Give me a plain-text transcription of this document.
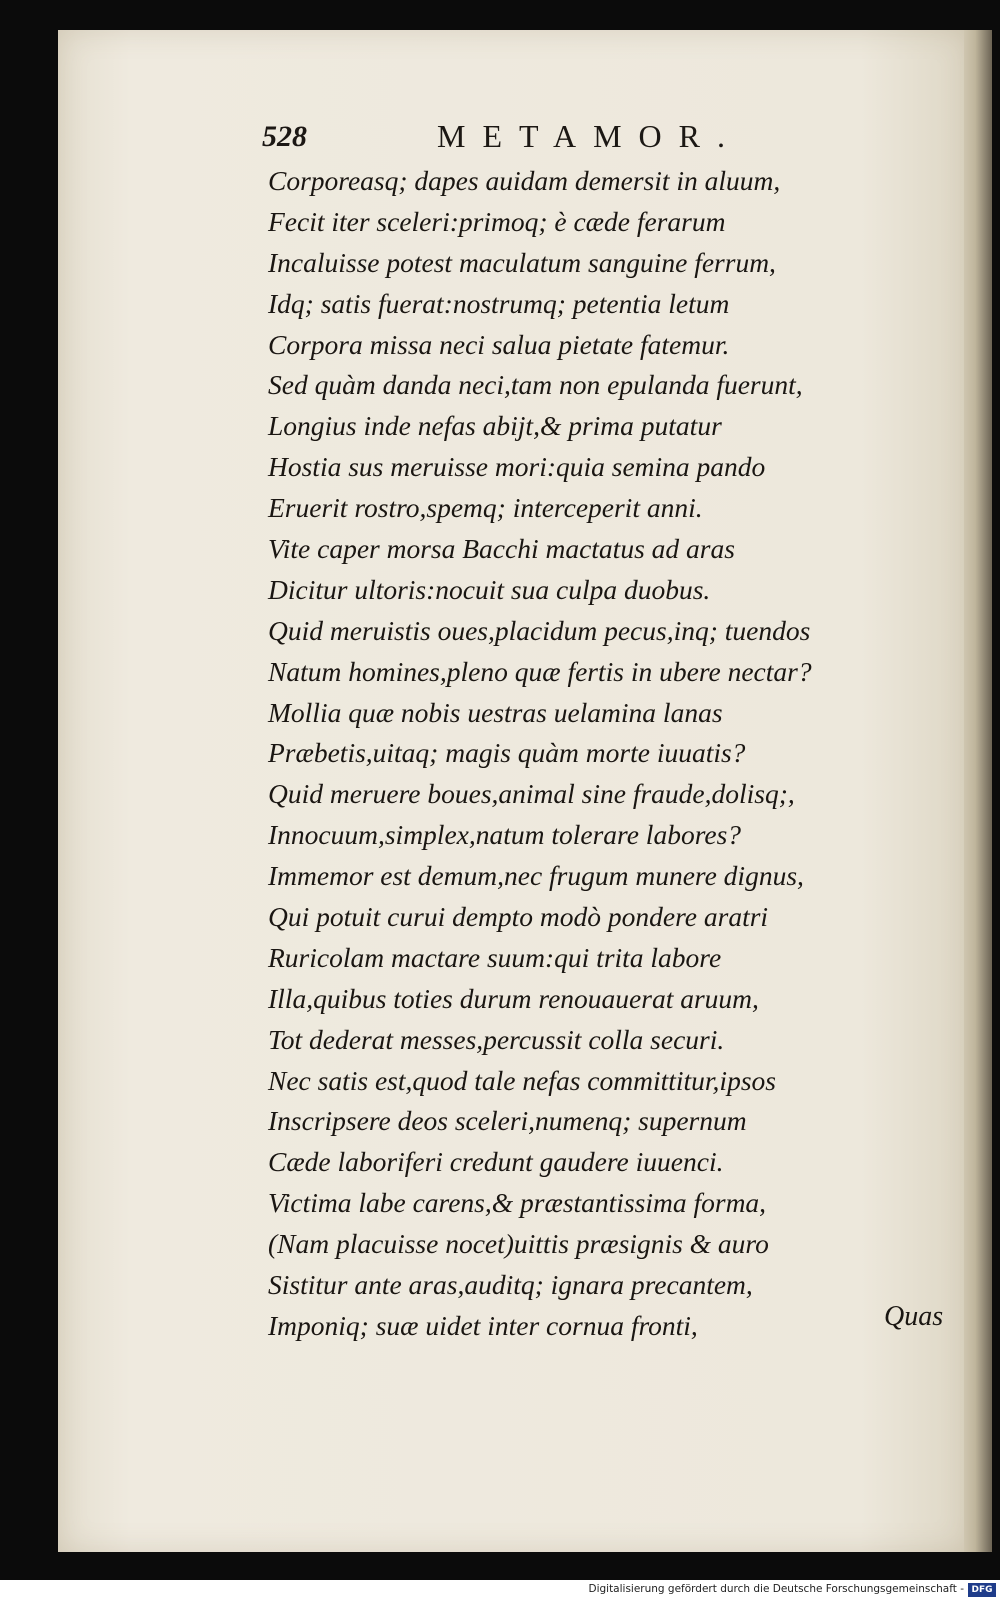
528	METAMOR.
Corporeasq; dapes auidam demersit in aluum,
Fecit iter sceleri:primoq; è cæde ferarum
Incaluisse potest maculatum sanguine ferrum,
Idq; satis fuerat:nostrumq; petentia letum
Corpora missa neci salua pietate fatemur.
Sed quàm danda neci,tam non epulanda fuerunt,
Longius inde nefas abijt,& prima putatur
Hostia sus meruisse mori:quia semina pando
Eruerit rostro,spemq; interceperit anni.
Vite caper morsa Bacchi mactatus ad aras
Dicitur ultoris:nocuit sua culpa duobus.
Quid meruistis oues,placidum pecus,inq; tuendos
Natum homines,pleno quæ fertis in ubere nectar?
Mollia quæ nobis uestras uelamina lanas
Præbetis,uitaq; magis quàm morte iuuatis?
Quid meruere boues,animal sine fraude,dolisq;,
Innocuum,simplex,natum tolerare labores?
Immemor est demum,nec frugum munere dignus,
Qui potuit curui dempto modò pondere aratri
Ruricolam mactare suum:qui trita labore
Illa,quibus toties durum renouauerat aruum,
Tot dederat messes,percussit colla securi.
Nec satis est,quod tale nefas committitur,ipsos
Inscripsere deos sceleri,numenq; supernum
Cæde laboriferi credunt gaudere iuuenci.
Victima labe carens,& præstantissima forma,
(Nam placuisse nocet)uittis præsignis & auro
Sistitur ante aras,auditq; ignara precantem,
Imponiq; suæ uidet inter cornua fronti,	Quas
Digitalisierung gefördert durch die Deutsche Forschungsgemeinschaft - DFG
